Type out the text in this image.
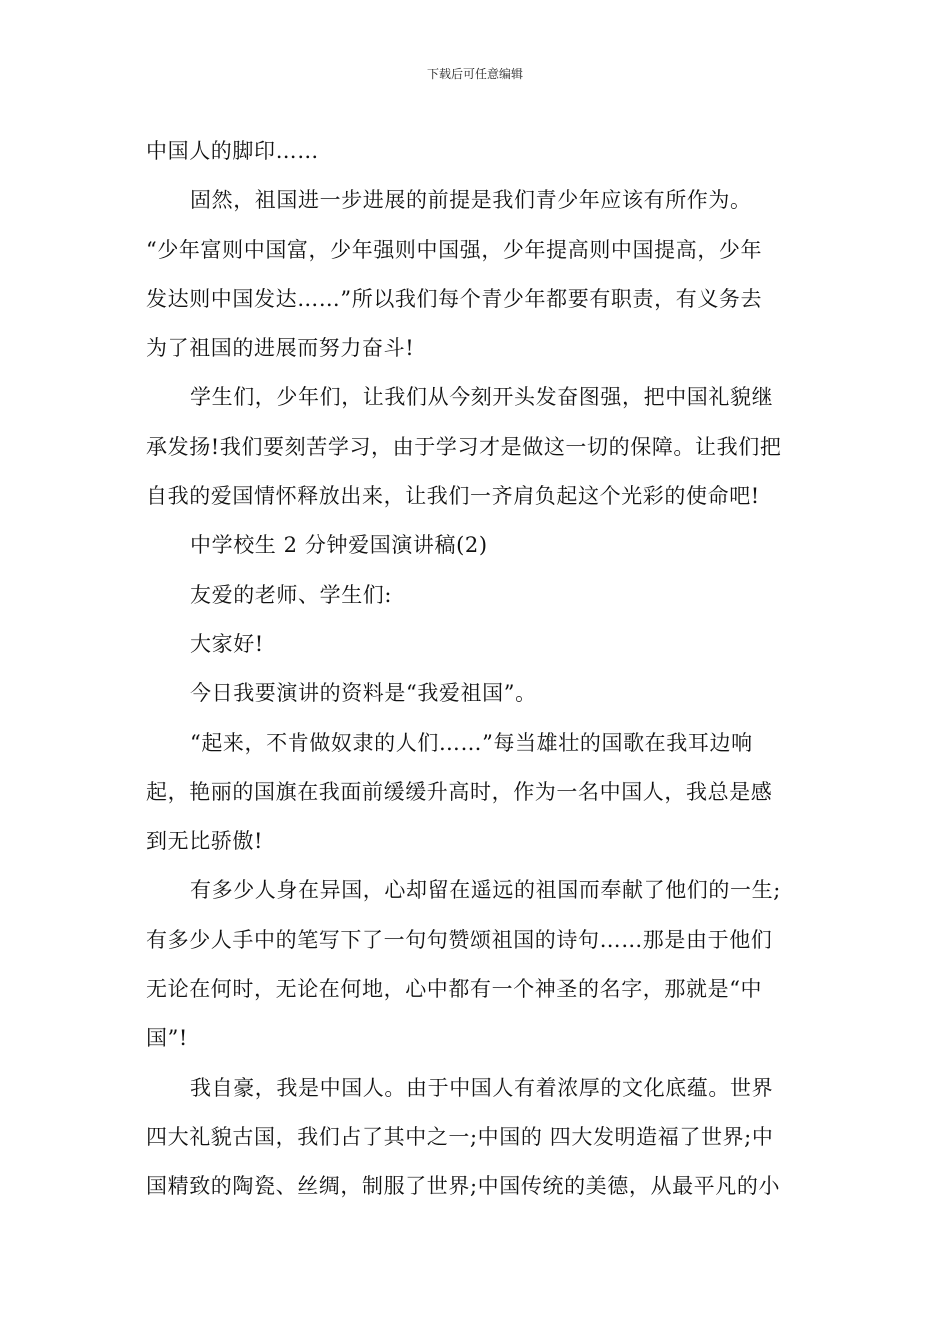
下载后可任意编辑
中国人的脚印……
固然，祖国进一步进展的前提是我们青少年应该有所作为。
“少年富则中国富，少年强则中国强，少年提高则中国提高，少年
发达则中国发达……”所以我们每个青少年都要有职责，有义务去
为了祖国的进展而努力奋斗!
学生们，少年们，让我们从今刻开头发奋图强，把中国礼貌继
承发扬!我们要刻苦学习，由于学习才是做这一切的保障。让我们把
自我的爱国情怀释放出来，让我们一齐肩负起这个光彩的使命吧!
中学校生 2 分钟爱国演讲稿(2)
友爱的老师、学生们:
大家好!
今日我要演讲的资料是“我爱祖国”。
“起来，不肯做奴隶的人们……”每当雄壮的国歌在我耳边响
起，艳丽的国旗在我面前缓缓升高时，作为一名中国人，我总是感
到无比骄傲!
有多少人身在异国，心却留在遥远的祖国而奉献了他们的一生;
有多少人手中的笔写下了一句句赞颂祖国的诗句……那是由于他们
无论在何时，无论在何地，心中都有一个神圣的名字，那就是“中
国”!
我自豪，我是中国人。由于中国人有着浓厚的文化底蕴。世界
四大礼貌古国，我们占了其中之一;中国的 四大发明造福了世界;中
国精致的陶瓷、丝绸，制服了世界;中国传统的美德，从最平凡的小
